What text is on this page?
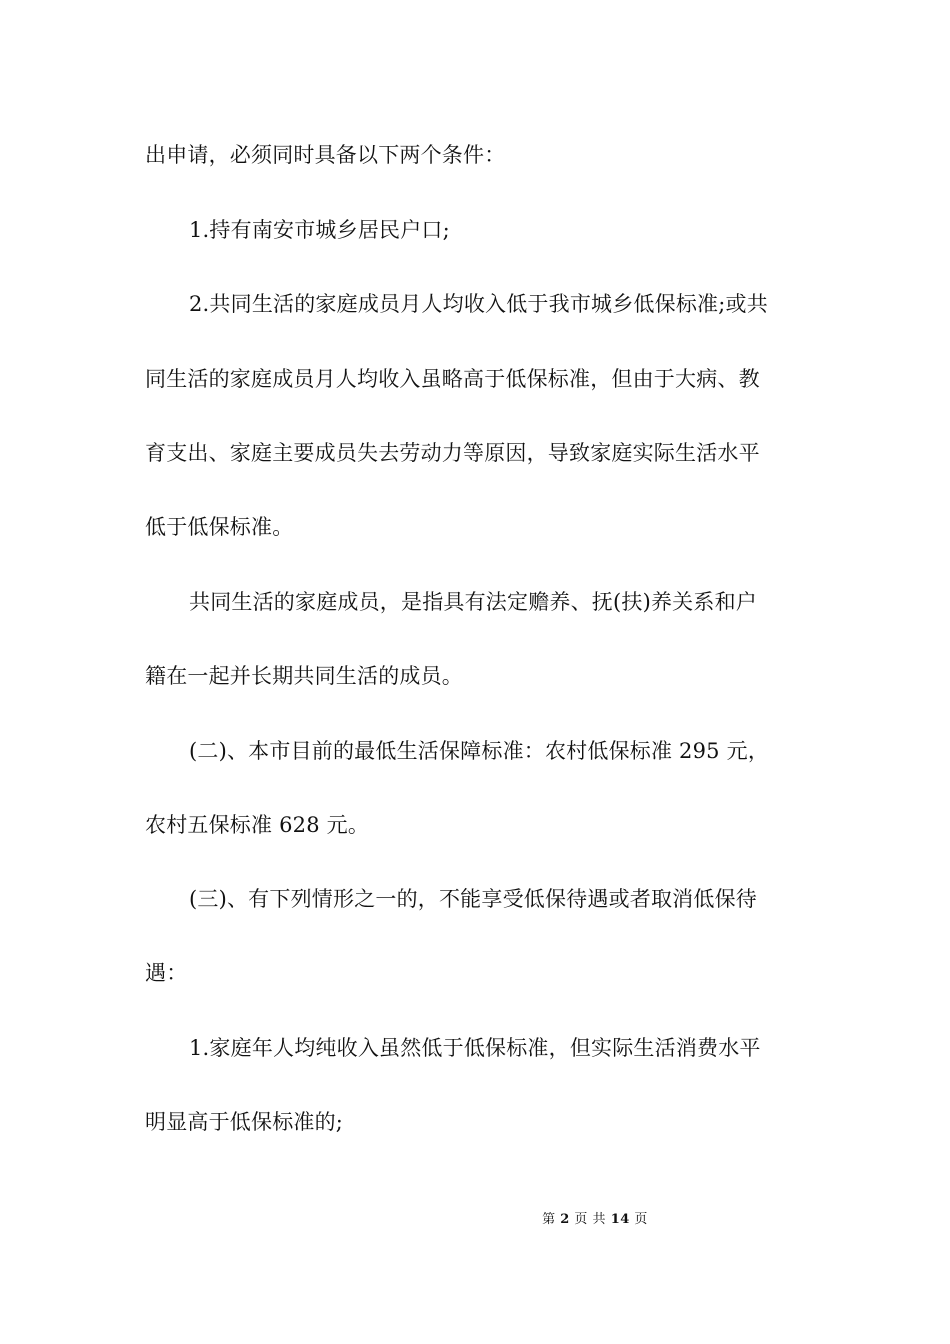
出申请，必须同时具备以下两个条件：
1.持有南安市城乡居民户口;
2.共同生活的家庭成员月人均收入低于我市城乡低保标准;或共
同生活的家庭成员月人均收入虽略高于低保标准，但由于大病、教
育支出、家庭主要成员失去劳动力等原因，导致家庭实际生活水平
低于低保标准。
共同生活的家庭成员，是指具有法定赡养、抚(扶)养关系和户
籍在一起并长期共同生活的成员。
(二)、本市目前的最低生活保障标准：农村低保标准 295 元，
农村五保标准 628 元。
(三)、有下列情形之一的，不能享受低保待遇或者取消低保待
遇：
1.家庭年人均纯收入虽然低于低保标准，但实际生活消费水平
明显高于低保标准的;
第 2 页 共 14 页
